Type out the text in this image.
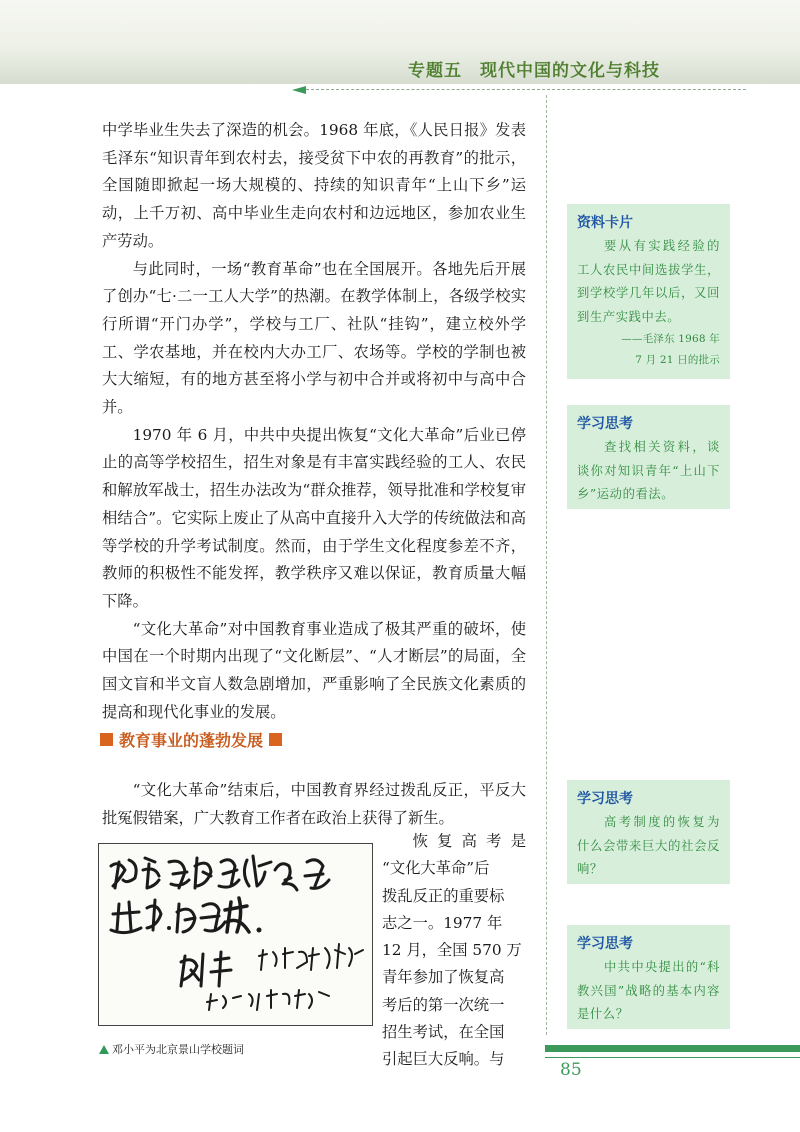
专题五　现代中国的文化与科技

中学毕业生失去了深造的机会。1968 年底，《人民日报》发表毛泽东“知识青年到农村去，接受贫下中农的再教育”的批示，全国随即掀起一场大规模的、持续的知识青年“上山下乡”运动，上千万初、高中毕业生走向农村和边远地区，参加农业生产劳动。

与此同时，一场“教育革命”也在全国展开。各地先后开展了创办“七·二一工人大学”的热潮。在教学体制上，各级学校实行所谓“开门办学”，学校与工厂、社队“挂钩”，建立校外学工、学农基地，并在校内大办工厂、农场等。学校的学制也被大大缩短，有的地方甚至将小学与初中合并或将初中与高中合并。

1970 年 6 月，中共中央提出恢复“文化大革命”后业已停止的高等学校招生，招生对象是有丰富实践经验的工人、农民和解放军战士，招生办法改为“群众推荐，领导批准和学校复审相结合”。它实际上废止了从高中直接升入大学的传统做法和高等学校的升学考试制度。然而，由于学生文化程度参差不齐，教师的积极性不能发挥，教学秩序又难以保证，教育质量大幅下降。

“文化大革命”对中国教育事业造成了极其严重的破坏，使中国在一个时期内出现了“文化断层”、“人才断层”的局面，全国文盲和半文盲人数急剧增加，严重影响了全民族文化素质的提高和现代化事业的发展。

教育事业的蓬勃发展

“文化大革命”结束后，中国教育界经过拨乱反正，平反大批冤假错案，广大教育工作者在政治上获得了新生。

恢复高考是
“文化大革命”后
拨乱反正的重要标
志之一。1977 年
12 月，全国 570 万
青年参加了恢复高
考后的第一次统一
招生考试，在全国
引起巨大反响。与
邓小平为北京景山学校题词
资料卡片
要从有实践经验的工人农民中间选拔学生，到学校学几年以后，又回到生产实践中去。
——毛泽东 1968 年
7 月 21 日的批示
学习思考
查找相关资料，谈谈你对知识青年“上山下乡”运动的看法。
学习思考
高考制度的恢复为什么会带来巨大的社会反响？
学习思考
中共中央提出的“科教兴国”战略的基本内容是什么？
85
